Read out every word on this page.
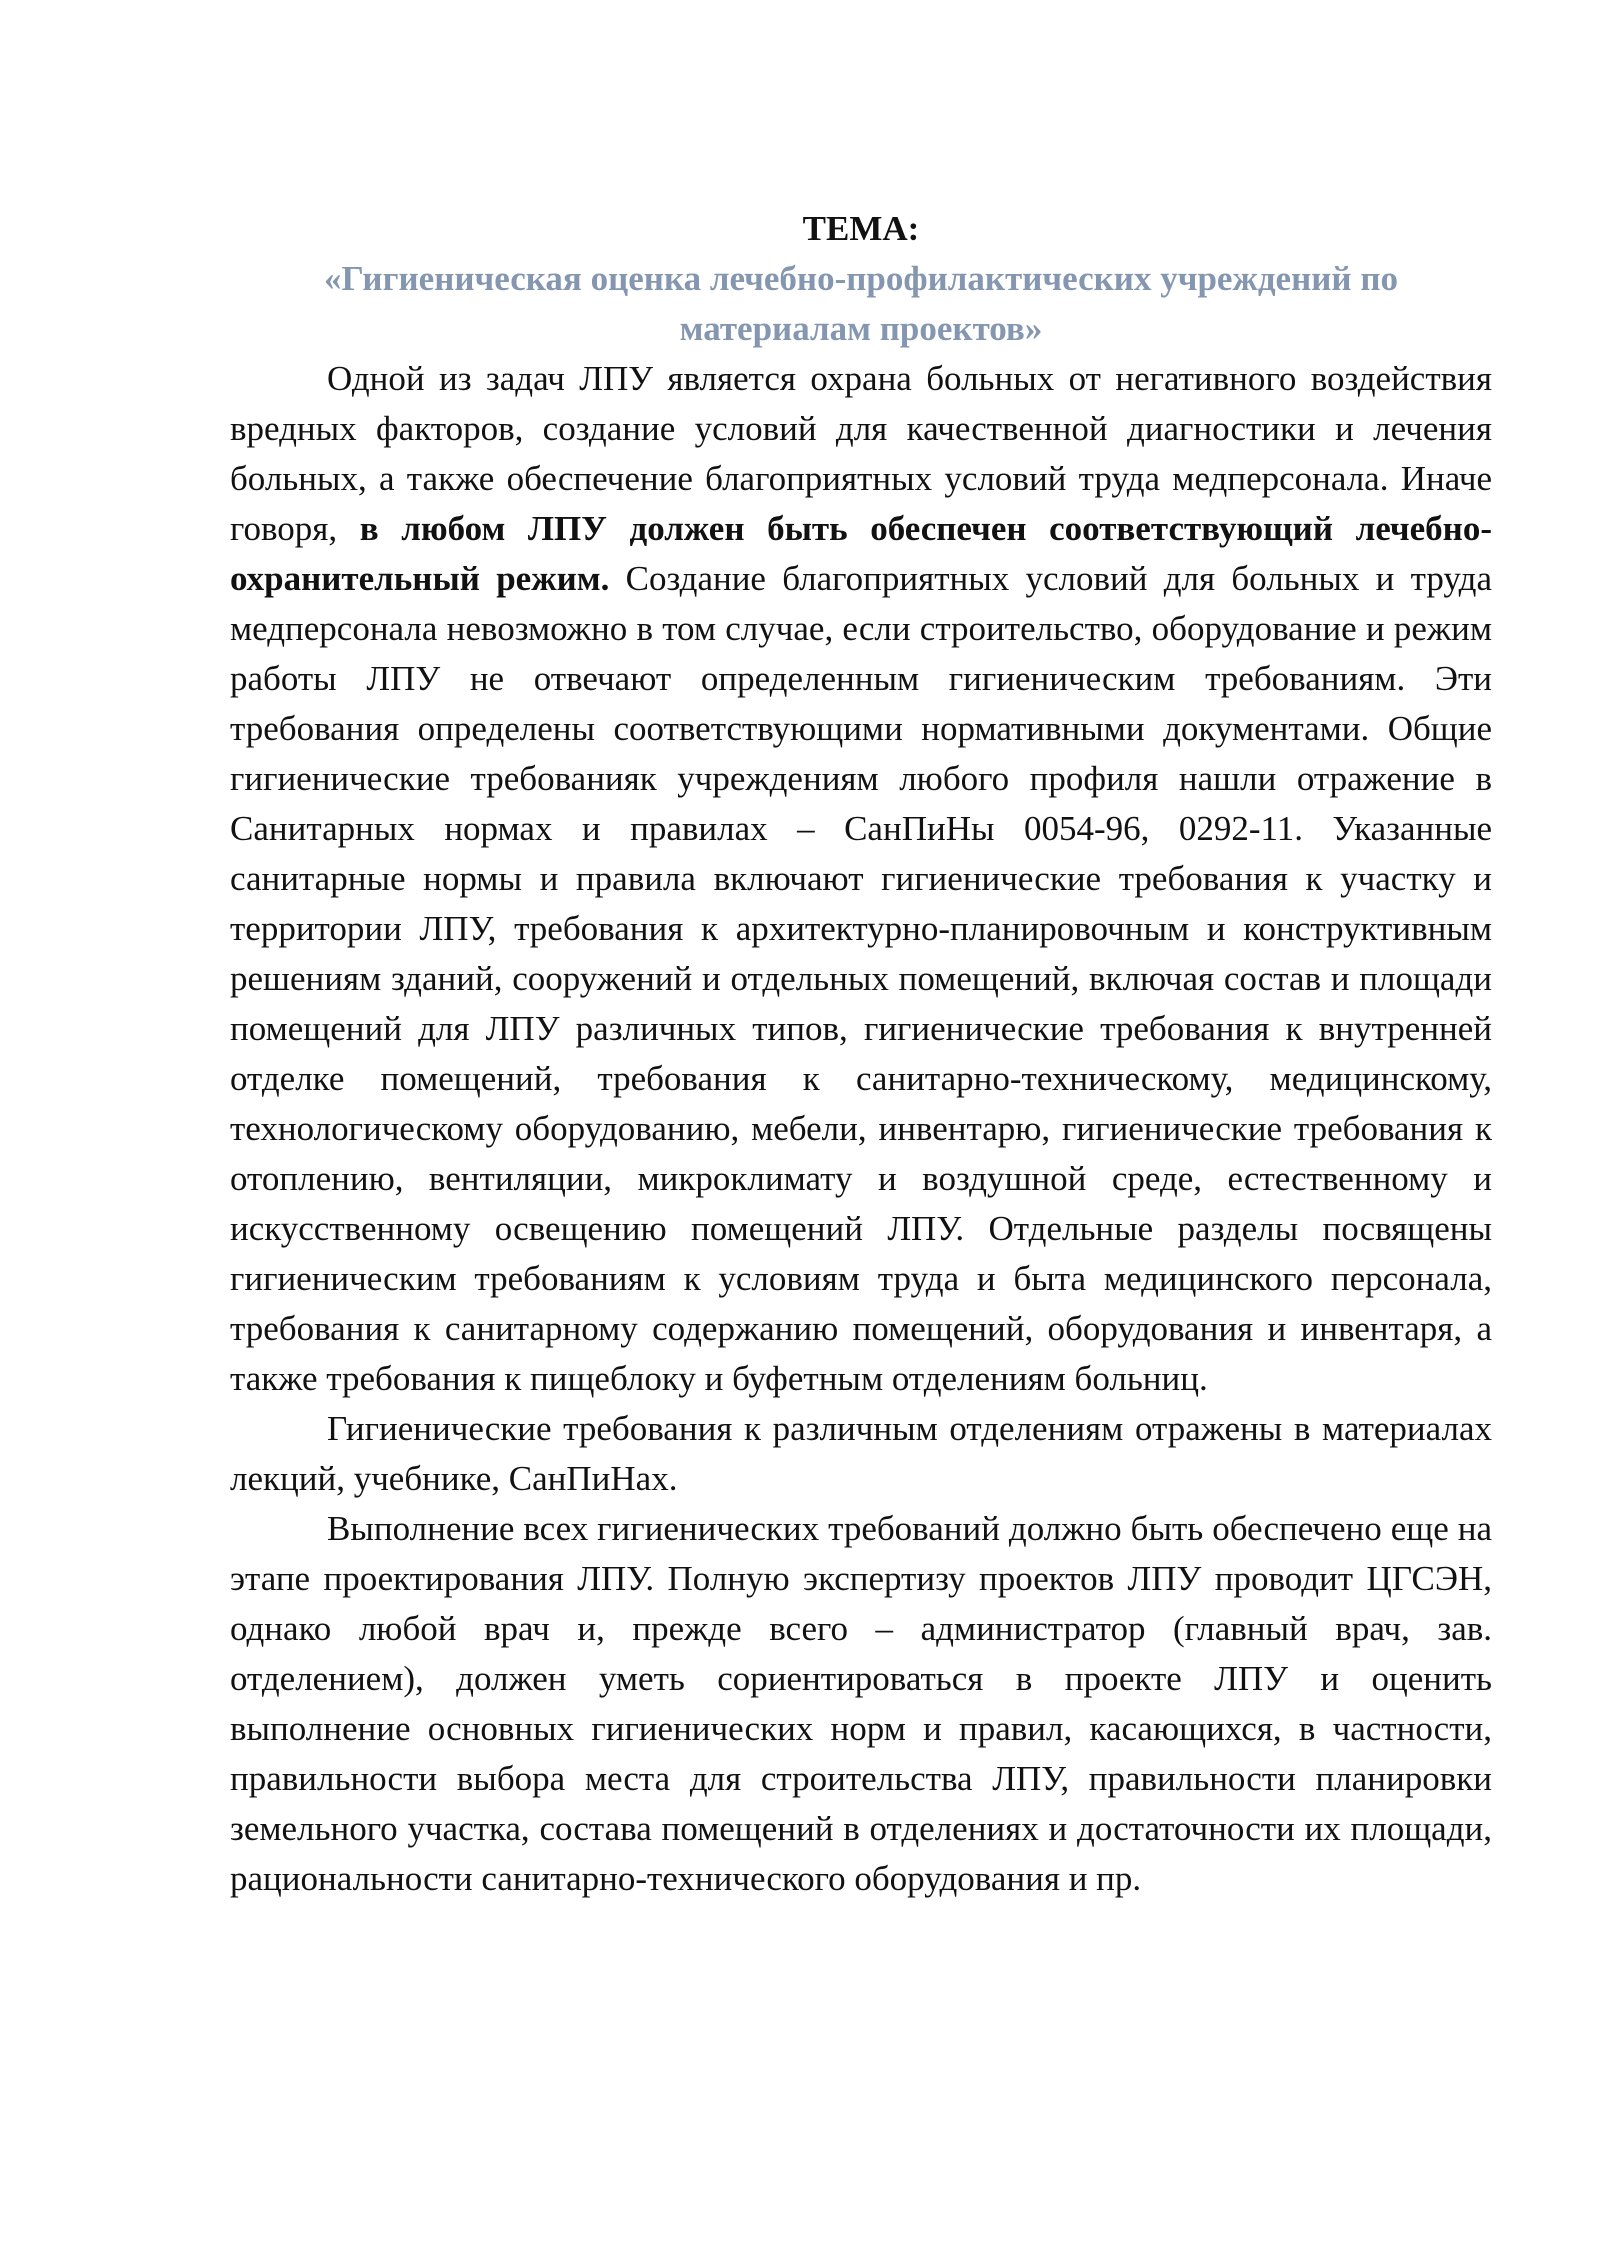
ТЕМА:

«Гигиеническая оценка лечебно-профилактических учреждений по материалам проектов»

Одной из задач ЛПУ является охрана больных от негативного воздействия вредных факторов, создание условий для качественной диагностики и лечения больных, а также обеспечение благоприятных условий труда медперсонала. Иначе говоря, в любом ЛПУ должен быть обеспечен соответствующий лечебно-охранительный режим. Создание благоприятных условий для больных и труда медперсонала невозможно в том случае, если строительство, оборудование и режим работы ЛПУ не отвечают определенным гигиеническим требованиям. Эти требования определены соответствующими нормативными документами. Общие гигиенические требованияк учреждениям любого профиля нашли отражение в Санитарных нормах и правилах – СанПиНы 0054-96, 0292-11. Указанные санитарные нормы и правила включают гигиенические требования к участку и территории ЛПУ, требования к архитектурно-планировочным и конструктивным решениям зданий, сооружений и отдельных помещений, включая состав и площади помещений для ЛПУ различных типов, гигиенические требования к внутренней отделке помещений, требования к санитарно-техническому, медицинскому, технологическому оборудованию, мебели, инвентарю, гигиенические требования к отоплению, вентиляции, микроклимату и воздушной среде, естественному и искусственному освещению помещений ЛПУ. Отдельные разделы посвящены гигиеническим требованиям к условиям труда и быта медицинского персонала, требования к санитарному содержанию помещений, оборудования и инвентаря, а также требования к пищеблоку и буфетным отделениям больниц.

Гигиенические требования к различным отделениям отражены в материалах лекций, учебнике, СанПиНах.

Выполнение всех гигиенических требований должно быть обеспечено еще на этапе проектирования ЛПУ. Полную экспертизу проектов ЛПУ проводит ЦГСЭН, однако любой врач и, прежде всего – администратор (главный врач, зав. отделением), должен уметь сориентироваться в проекте ЛПУ и оценить выполнение основных гигиенических норм и правил, касающихся, в частности, правильности выбора места для строительства ЛПУ, правильности планировки земельного участка, состава помещений в отделениях и достаточности их площади, рациональности санитарно-технического оборудования и пр.
